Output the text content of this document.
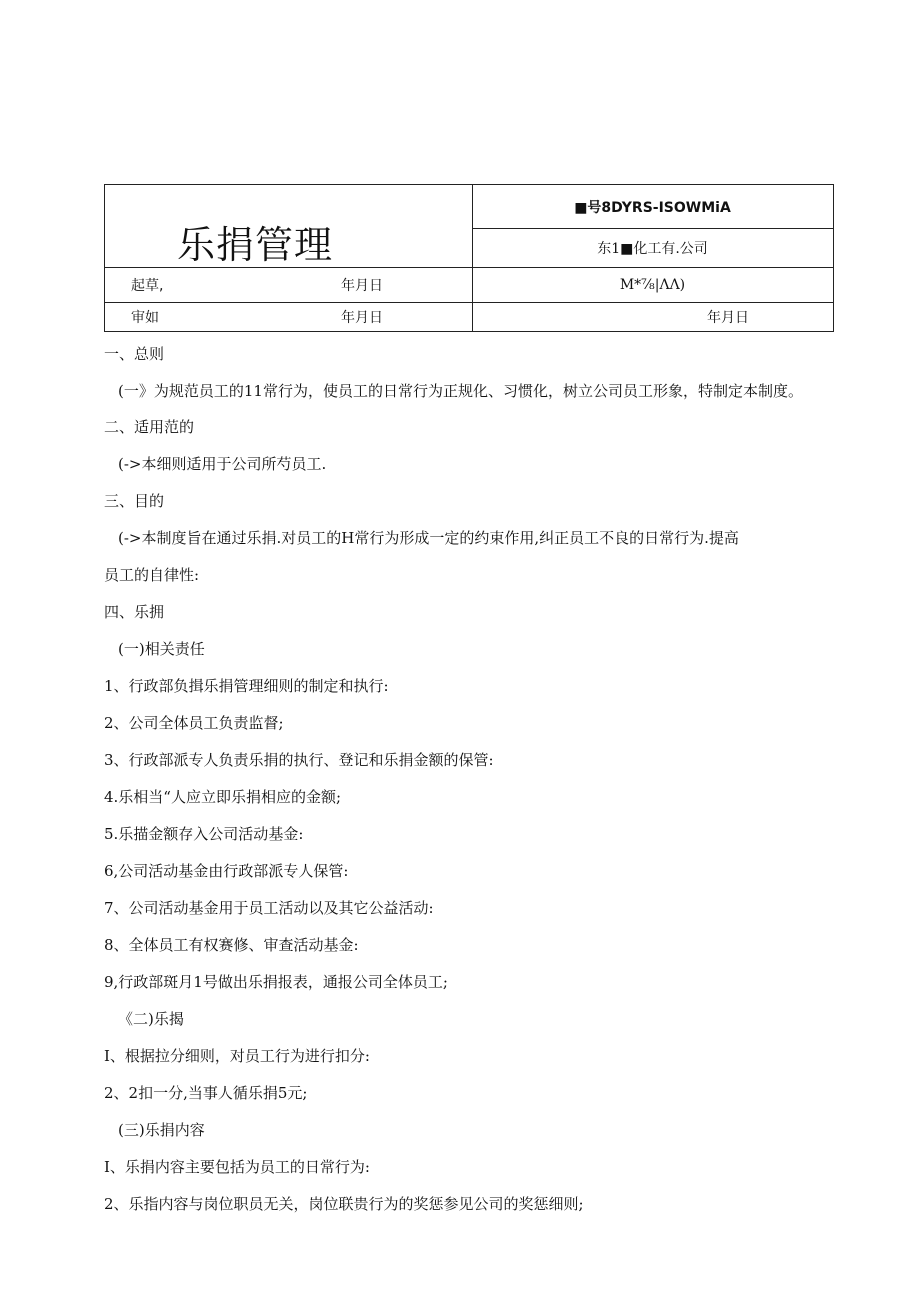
乐捐管理
■号8DYRS-ISOWMiA
东1■化工有.公司
起草,	年月日	M*⅞|ΛΛ)
审如	年月日	年月日
一、总则
(一》为规范员工的11常行为，使员工的日常行为正规化、习惯化，树立公司员工形象，特制定本制度。
二、适用范的
(->本细则适用于公司所芍员工.
三、目的
(->本制度旨在通过乐捐.对员工的H常行为形成一定的约束作用,纠正员工不良的日常行为.提高
员工的自律性:
四、乐拥
(一)相关责任
1、行政部负揖乐捐管理细则的制定和执行:
2、公司全体员工负责监督;
3、行政部派专人负责乐捐的执行、登记和乐捐金额的保管:
4.乐相当“人应立即乐捐相应的金额;
5.乐描金额存入公司活动基金:
6,公司活动基金由行政部派专人保管:
7、公司活动基金用于员工活动以及其它公益活动:
8、全体员工有权赛修、审查活动基金:
9,行政部斑月1号做出乐捐报表，通报公司全体员工;
《二)乐揭
I、根据拉分细则，对员工行为进行扣分:
2、2扣一分,当事人循乐捐5元;
(三)乐捐内容
I、乐捐内容主要包括为员工的日常行为:
2、乐指内容与岗位职员无关，岗位联贵行为的奖惩参见公司的奖惩细则;
